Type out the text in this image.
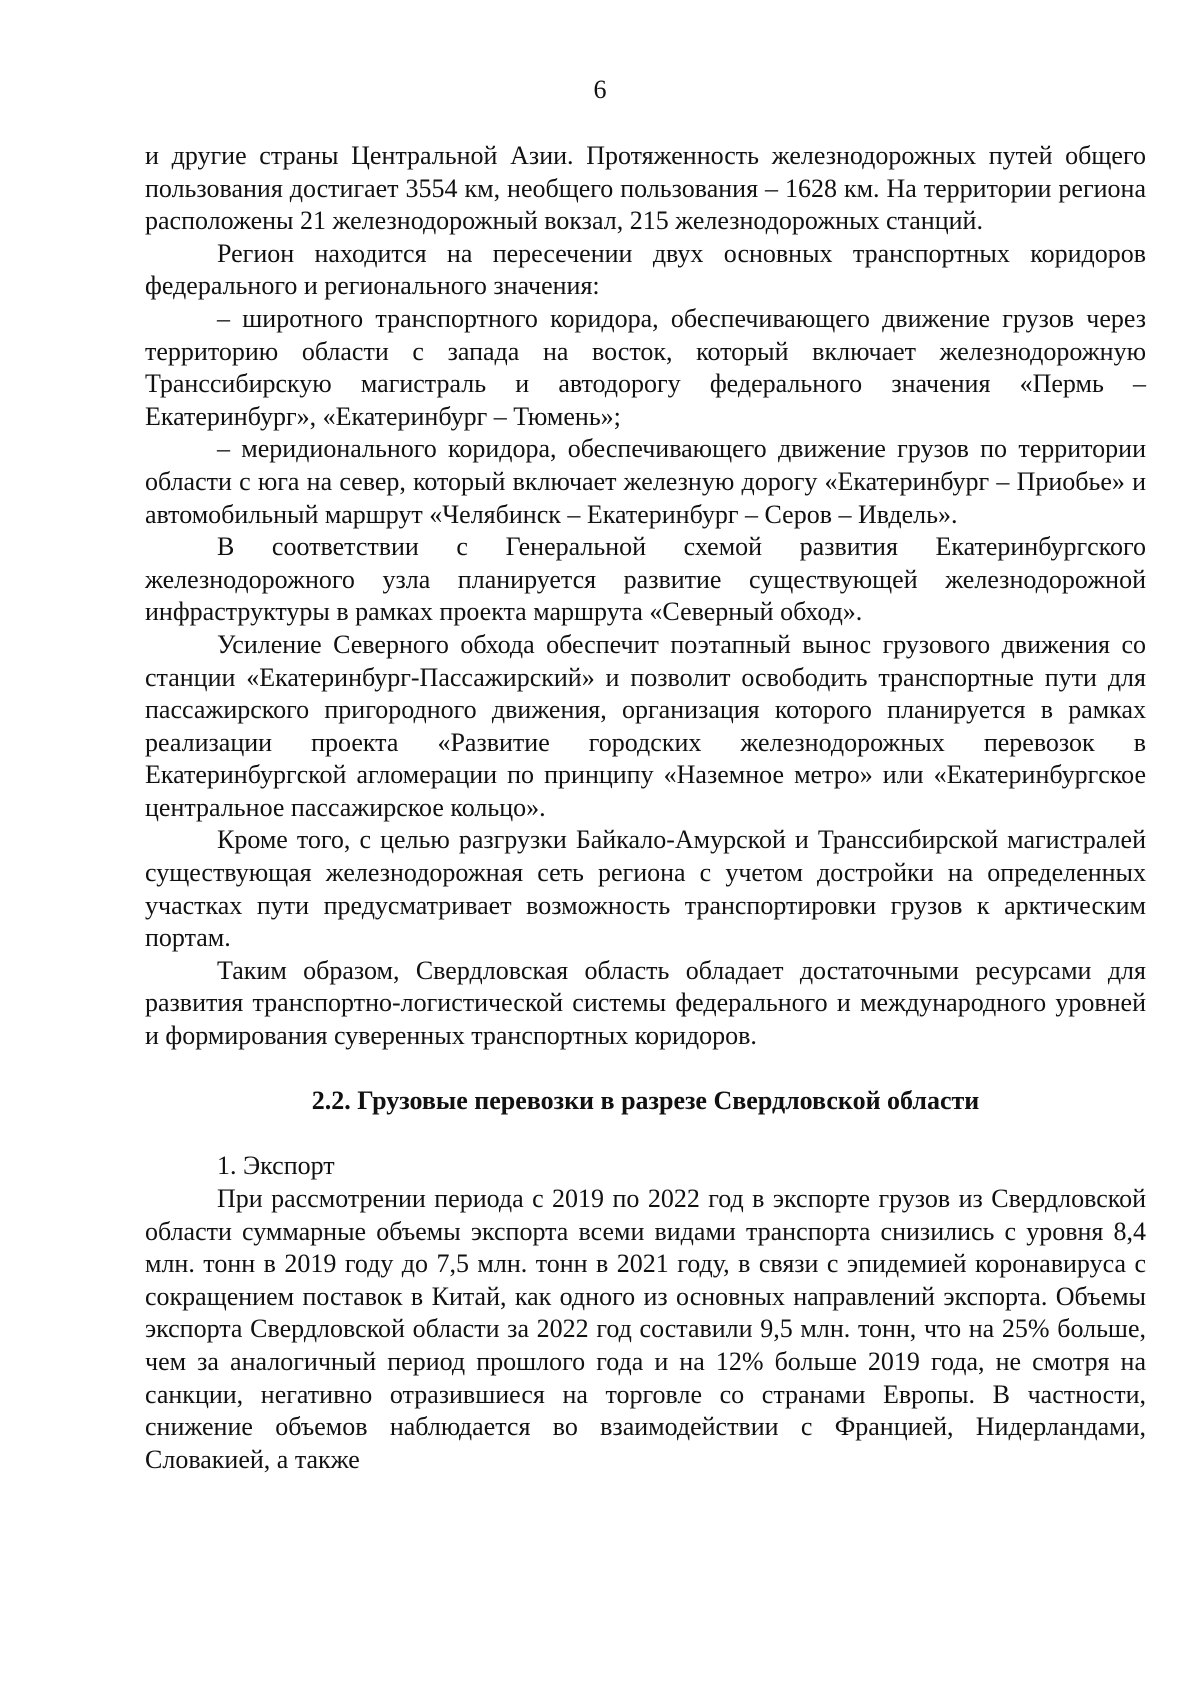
6

и другие страны Центральной Азии. Протяженность железнодорожных путей общего пользования достигает 3554 км, необщего пользования – 1628 км. На территории региона расположены 21 железнодорожный вокзал, 215 железнодорожных станций.

Регион находится на пересечении двух основных транспортных коридоров федерального и регионального значения:

– широтного транспортного коридора, обеспечивающего движение грузов через территорию области с запада на восток, который включает железнодорожную Транссибирскую магистраль и автодорогу федерального значения «Пермь – Екатеринбург», «Екатеринбург – Тюмень»;

– меридионального коридора, обеспечивающего движение грузов по территории области с юга на север, который включает железную дорогу «Екатеринбург – Приобье» и автомобильный маршрут «Челябинск – Екатеринбург – Серов – Ивдель».

В соответствии с Генеральной схемой развития Екатеринбургского железнодорожного узла планируется развитие существующей железнодорожной инфраструктуры в рамках проекта маршрута «Северный обход».

Усиление Северного обхода обеспечит поэтапный вынос грузового движения со станции «Екатеринбург-Пассажирский» и позволит освободить транспортные пути для пассажирского пригородного движения, организация которого планируется в рамках реализации проекта «Развитие городских железнодорожных перевозок в Екатеринбургской агломерации по принципу «Наземное метро» или «Екатеринбургское центральное пассажирское кольцо».

Кроме того, с целью разгрузки Байкало-Амурской и Транссибирской магистралей существующая железнодорожная сеть региона с учетом достройки на определенных участках пути предусматривает возможность транспортировки грузов к арктическим портам.

Таким образом, Свердловская область обладает достаточными ресурсами для развития транспортно-логистической системы федерального и международного уровней и формирования суверенных транспортных коридоров.

2.2. Грузовые перевозки в разрезе Свердловской области

1. Экспорт

При рассмотрении периода с 2019 по 2022 год в экспорте грузов из Свердловской области суммарные объемы экспорта всеми видами транспорта снизились с уровня 8,4 млн. тонн в 2019 году до 7,5 млн. тонн в 2021 году, в связи с эпидемией коронавируса с сокращением поставок в Китай, как одного из основных направлений экспорта. Объемы экспорта Свердловской области за 2022 год составили 9,5 млн. тонн, что на 25% больше, чем за аналогичный период прошлого года и на 12% больше 2019 года, не смотря на санкции, негативно отразившиеся на торговле со странами Европы. В частности, снижение объемов наблюдается во взаимодействии с Францией, Нидерландами, Словакией, а также
